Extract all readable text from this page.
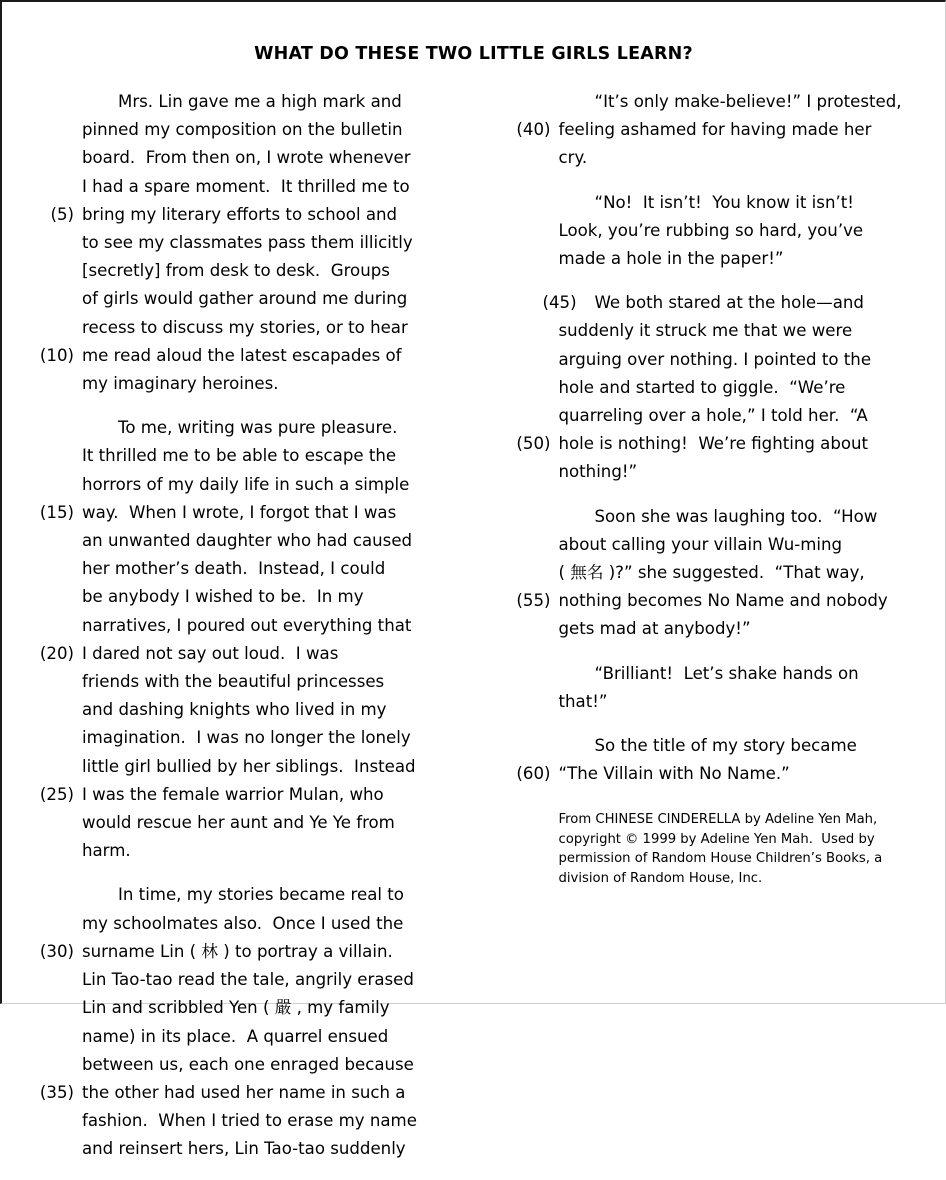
WHAT DO THESE TWO LITTLE GIRLS LEARN?
Mrs. Lin gave me a high mark and
pinned my composition on the bulletin
board.  From then on, I wrote whenever
I had a spare moment.  It thrilled me to
(5) bring my literary efforts to school and
to see my classmates pass them illicitly
[secretly] from desk to desk.  Groups
of girls would gather around me during
recess to discuss my stories, or to hear
(10) me read aloud the latest escapades of
my imaginary heroines.
To me, writing was pure pleasure.
It thrilled me to be able to escape the
horrors of my daily life in such a simple
(15) way.  When I wrote, I forgot that I was
an unwanted daughter who had caused
her mother’s death.  Instead, I could
be anybody I wished to be.  In my
narratives, I poured out everything that
(20) I dared not say out loud.  I was
friends with the beautiful princesses
and dashing knights who lived in my
imagination.  I was no longer the lonely
little girl bullied by her siblings.  Instead
(25) I was the female warrior Mulan, who
would rescue her aunt and Ye Ye from
harm.
In time, my stories became real to
my schoolmates also.  Once I used the
(30) surname Lin ( 林 ) to portray a villain.
Lin Tao-tao read the tale, angrily erased
Lin and scribbled Yen ( 嚴 , my family
name) in its place.  A quarrel ensued
between us, each one enraged because
(35) the other had used her name in such a
fashion.  When I tried to erase my name
and reinsert hers, Lin Tao-tao suddenly
“It’s only make-believe!” I protested,
(40) feeling ashamed for having made her
cry.
“No!  It isn’t!  You know it isn’t!
Look, you’re rubbing so hard, you’ve
made a hole in the paper!”
(45) We both stared at the hole—and
suddenly it struck me that we were
arguing over nothing. I pointed to the
hole and started to giggle.  “We’re
quarreling over a hole,” I told her.  “A
(50) hole is nothing!  We’re fighting about
nothing!”
Soon she was laughing too.  “How
about calling your villain Wu-ming
( 無名 )?” she suggested.  “That way,
(55) nothing becomes No Name and nobody
gets mad at anybody!”
“Brilliant!  Let’s shake hands on
that!”
So the title of my story became
(60) “The Villain with No Name.”
From CHINESE CINDERELLA by Adeline Yen Mah,
copyright © 1999 by Adeline Yen Mah.  Used by
permission of Random House Children’s Books, a
division of Random House, Inc.
